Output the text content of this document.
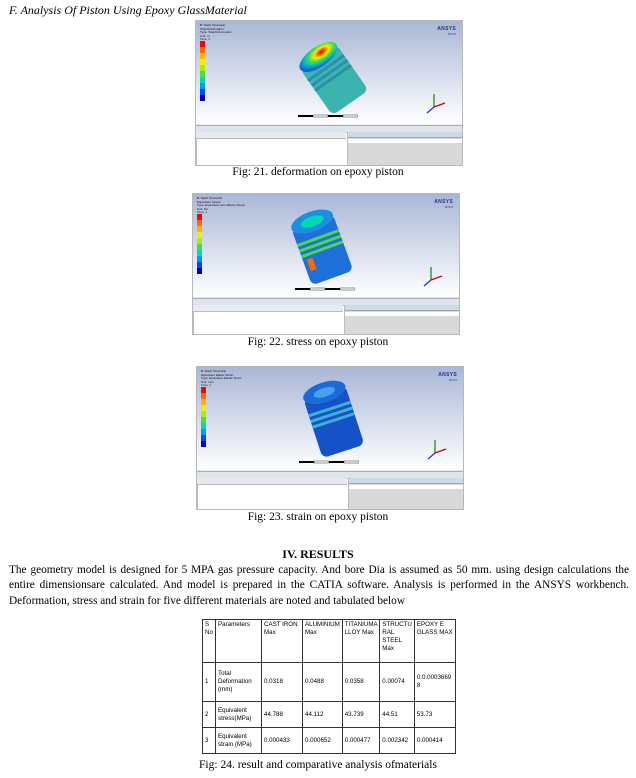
F. Analysis Of Piston Using Epoxy GlassMaterial
B: Static Structural
Total Deformation
Type: Total Deformation
Unit: m
Time: 1
ANSYS
R15.0
Fig: 21. deformation on epoxy piston
B: Static Structural
Equivalent Stress
Type: Equivalent (von-Mises) Stress
Unit: Pa
Time: 1
ANSYS
R15.0
Fig: 22. stress on epoxy piston
B: Static Structural
Equivalent Elastic Strain
Type: Equivalent Elastic Strain
Unit: m/m
Time: 1
ANSYS
R15.0
Fig: 23. strain on epoxy piston
IV. RESULTS
The geometry model is designed for 5 MPA gas pressure capacity. And bore Dia is assumed as 50 mm. using design calculations the entire dimensionsare calculated. And model is prepared in the CATIA software. Analysis is performed in the ANSYS workbench. Deformation, stress and strain for five different materials are noted and tabulated below
S No	Parameters	CAST IRON Max	ALUMINIUM Max	TITANIUMA LLOY Max	STRUCTU RAL STEEL Max	EPOXY E GLASS MAX
1	Total Deformation (mm)	0.0318	0.0488	0.0358	0.00074	0.0.0003669 8
2	Equivalent stress(MPa)	44.788	44.112	43.739	44.51	53.73
3	Equivalent strain (MPa)	0.000433	0.000652	0.000477	0.002342	0.000414
Fig: 24. result and comparative analysis ofmaterials
